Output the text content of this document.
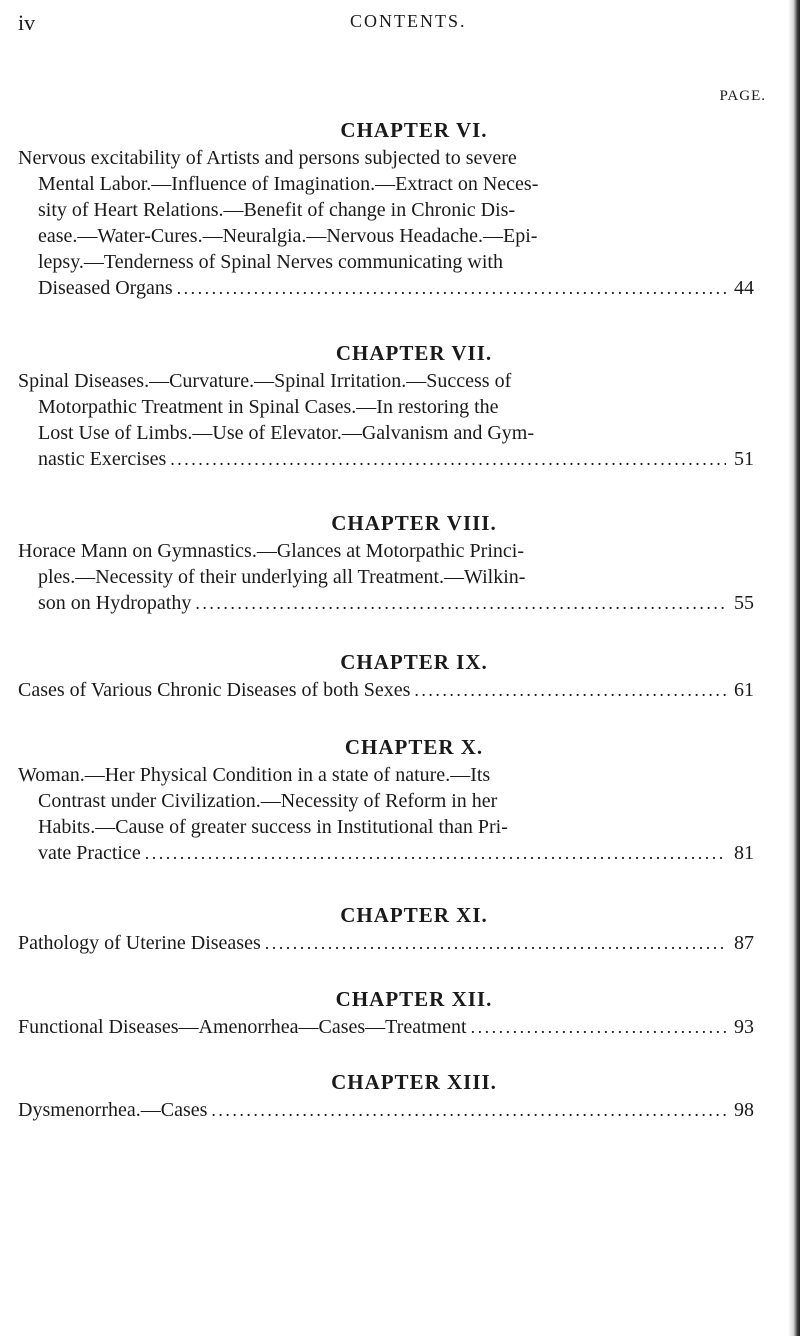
iv	CONTENTS.
PAGE.
CHAPTER VI.

Nervous excitability of Artists and persons subjected to severe
Mental Labor.—Influence of Imagination.—Extract on Neces-
sity of Heart Relations.—Benefit of change in Chronic Dis-
ease.—Water-Cures.—Neuralgia.—Nervous Headache.—Epi-
lepsy.—Tenderness of Spinal Nerves communicating with
Diseased Organs . . .	44

CHAPTER VII.

Spinal Diseases.—Curvature.—Spinal Irritation.—Success of
Motorpathic Treatment in Spinal Cases.—In restoring the
Lost Use of Limbs.—Use of Elevator.—Galvanism and Gym-
nastic Exercises . . .	51

CHAPTER VIII.

Horace Mann on Gymnastics.—Glances at Motorpathic Princi-
ples.—Necessity of their underlying all Treatment.—Wilkin-
son on Hydropathy . . .	55

CHAPTER IX.

Cases of Various Chronic Diseases of both Sexes . . .	61

CHAPTER X.

Woman.—Her Physical Condition in a state of nature.—Its
Contrast under Civilization.—Necessity of Reform in her
Habits.—Cause of greater success in Institutional than Pri-
vate Practice . . .	81

CHAPTER XI.

Pathology of Uterine Diseases . . .	87

CHAPTER XII.

Functional Diseases—Amenorrhea—Cases—Treatment . . .	93

CHAPTER XIII.

Dysmenorrhea.—Cases . . .	98
